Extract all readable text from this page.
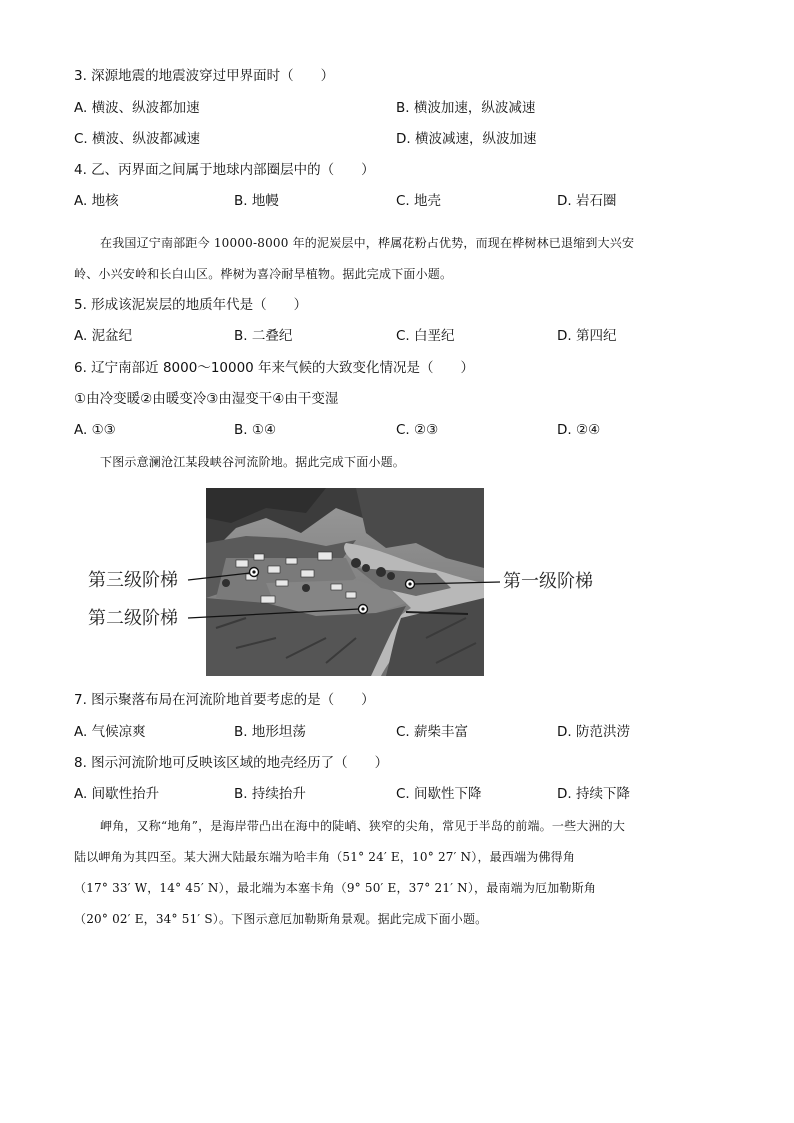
3. 深源地震的地震波穿过甲界面时（　　）
A. 横波、纵波都加速	B. 横波加速，纵波减速
C. 横波、纵波都减速	D. 横波减速，纵波加速
4. 乙、丙界面之间属于地球内部圈层中的（　　）
A. 地核	B. 地幔	C. 地壳	D. 岩石圈
在我国辽宁南部距今 10000-8000 年的泥炭层中，桦属花粉占优势，而现在桦树林已退缩到大兴安
岭、小兴安岭和长白山区。桦树为喜冷耐旱植物。据此完成下面小题。
5. 形成该泥炭层的地质年代是（　　）
A. 泥盆纪	B. 二叠纪	C. 白垩纪	D. 第四纪
6. 辽宁南部近 8000～10000 年来气候的大致变化情况是（　　）
①由冷变暖②由暖变冷③由湿变干④由干变湿
A. ①③	B. ①④	C. ②③	D. ②④
下图示意澜沧江某段峡谷河流阶地。据此完成下面小题。
第三级阶梯
第二级阶梯
第一级阶梯
7. 图示聚落布局在河流阶地首要考虑的是（　　）
A. 气候凉爽	B. 地形坦荡	C. 薪柴丰富	D. 防范洪涝
8. 图示河流阶地可反映该区域的地壳经历了（　　）
A. 间歇性抬升	B. 持续抬升	C. 间歇性下降	D. 持续下降
岬角，又称“地角”，是海岸带凸出在海中的陡峭、狭窄的尖角，常见于半岛的前端。一些大洲的大
陆以岬角为其四至。某大洲大陆最东端为哈丰角（51° 24′ E，10° 27′ N），最西端为佛得角
（17° 33′ W，14° 45′ N），最北端为本塞卡角（9° 50′ E，37° 21′ N），最南端为厄加勒斯角
（20° 02′ E，34° 51′ S）。下图示意厄加勒斯角景观。据此完成下面小题。
